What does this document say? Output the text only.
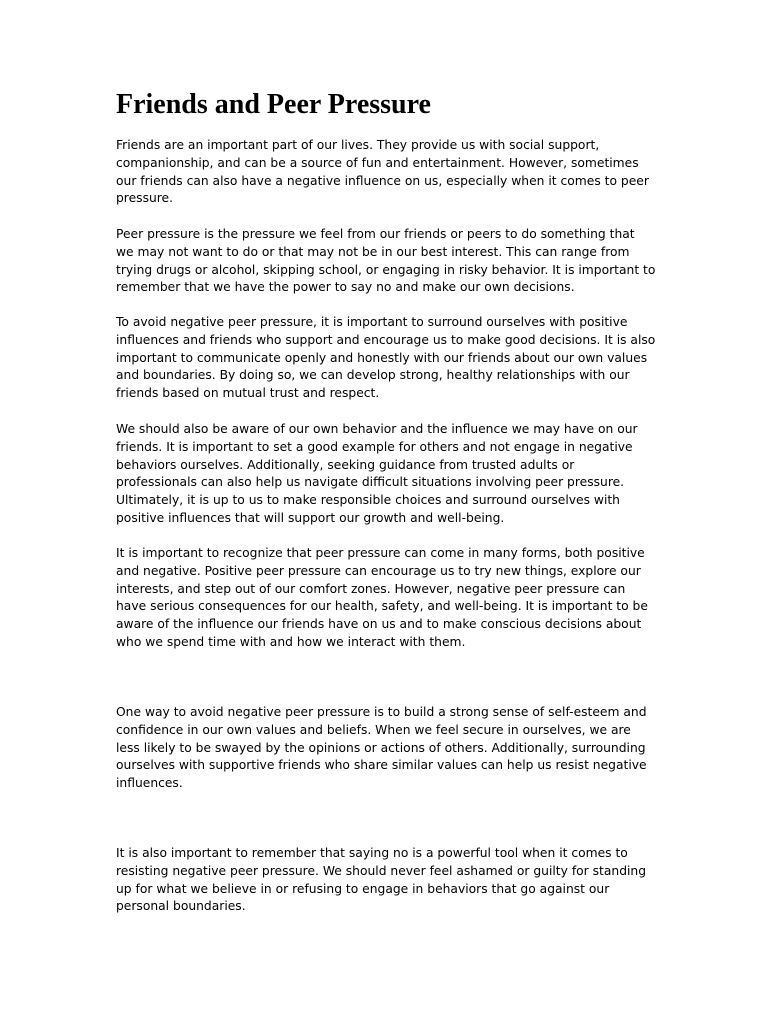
Friends and Peer Pressure

Friends are an important part of our lives. They provide us with social support, companionship, and can be a source of fun and entertainment. However, sometimes our friends can also have a negative influence on us, especially when it comes to peer pressure.

Peer pressure is the pressure we feel from our friends or peers to do something that we may not want to do or that may not be in our best interest. This can range from trying drugs or alcohol, skipping school, or engaging in risky behavior. It is important to remember that we have the power to say no and make our own decisions.

To avoid negative peer pressure, it is important to surround ourselves with positive influences and friends who support and encourage us to make good decisions. It is also important to communicate openly and honestly with our friends about our own values and boundaries. By doing so, we can develop strong, healthy relationships with our friends based on mutual trust and respect.

We should also be aware of our own behavior and the influence we may have on our friends. It is important to set a good example for others and not engage in negative behaviors ourselves. Additionally, seeking guidance from trusted adults or professionals can also help us navigate difficult situations involving peer pressure. Ultimately, it is up to us to make responsible choices and surround ourselves with positive influences that will support our growth and well-being.

It is important to recognize that peer pressure can come in many forms, both positive and negative. Positive peer pressure can encourage us to try new things, explore our interests, and step out of our comfort zones. However, negative peer pressure can have serious consequences for our health, safety, and well-being. It is important to be aware of the influence our friends have on us and to make conscious decisions about who we spend time with and how we interact with them.

One way to avoid negative peer pressure is to build a strong sense of self-esteem and confidence in our own values and beliefs. When we feel secure in ourselves, we are less likely to be swayed by the opinions or actions of others. Additionally, surrounding ourselves with supportive friends who share similar values can help us resist negative influences.

It is also important to remember that saying no is a powerful tool when it comes to resisting negative peer pressure. We should never feel ashamed or guilty for standing up for what we believe in or refusing to engage in behaviors that go against our personal boundaries.
